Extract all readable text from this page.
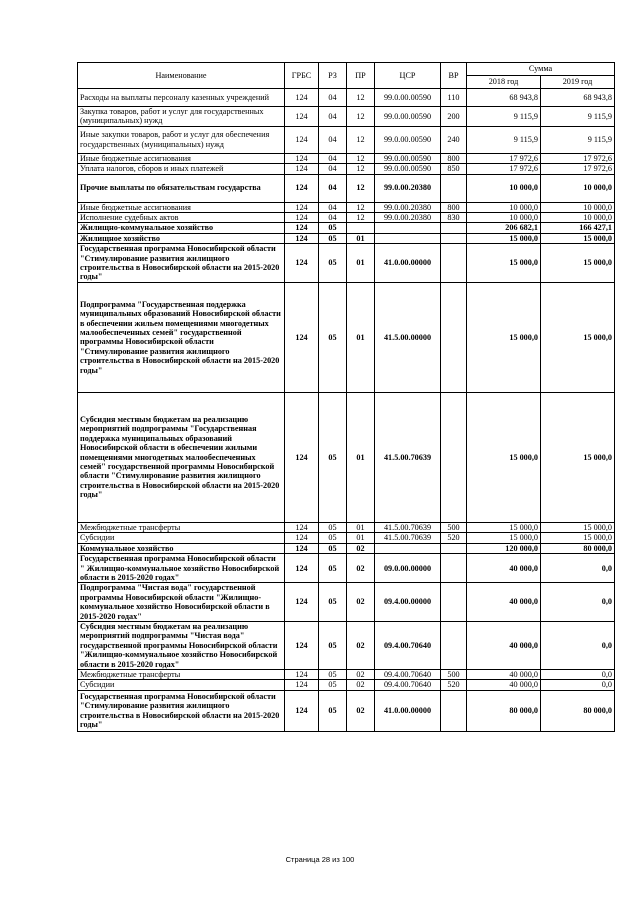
Наименование	ГРБС	РЗ	ПР	ЦСР	ВР	Сумма	
						2018 год	2019 год
Расходы на выплаты персоналу казенных учреждений	124	04	12	99.0.00.00590	110	68 943,8	68 943,8
Закупка товаров, работ и услуг для государственных (муниципальных) нужд	124	04	12	99.0.00.00590	200	9 115,9	9 115,9
Иные закупки товаров, работ и услуг для обеспечения государственных (муниципальных) нужд	124	04	12	99.0.00.00590	240	9 115,9	9 115,9
Иные бюджетные ассигнования	124	04	12	99.0.00.00590	800	17 972,6	17 972,6
Уплата налогов, сборов и иных платежей	124	04	12	99.0.00.00590	850	17 972,6	17 972,6
Прочие выплаты по обязательствам государства	124	04	12	99.0.00.20380		10 000,0	10 000,0
Иные бюджетные ассигнования	124	04	12	99.0.00.20380	800	10 000,0	10 000,0
Исполнение судебных актов	124	04	12	99.0.00.20380	830	10 000,0	10 000,0
Жилищно-коммунальное хозяйство	124	05				206 682,1	166 427,1
Жилищное хозяйство	124	05	01			15 000,0	15 000,0
Государственная программа Новосибирской области "Стимулирование развития жилищного строительства в Новосибирской области на 2015-2020 годы"	124	05	01	41.0.00.00000		15 000,0	15 000,0
Подпрограмма "Государственная поддержка муниципальных образований Новосибирской области в обеспечении жильем помещениями многодетных малообеспеченных семей" государственной программы Новосибирской области "Стимулирование развития жилищного строительства в Новосибирской области на 2015-2020 годы"	124	05	01	41.5.00.00000		15 000,0	15 000,0
Субсидия местным бюджетам на реализацию мероприятий подпрограммы "Государственная поддержка муниципальных образований Новосибирской области в обеспечении жилыми помещениями многодетных малообеспеченных семей" государственной программы Новосибирской области "Стимулирование развития жилищного строительства в Новосибирской области на 2015-2020 годы"	124	05	01	41.5.00.70639		15 000,0	15 000,0
Межбюджетные трансферты	124	05	01	41.5.00.70639	500	15 000,0	15 000,0
Субсидии	124	05	01	41.5.00.70639	520	15 000,0	15 000,0
Коммунальное хозяйство	124	05	02			120 000,0	80 000,0
Государственная программа Новосибирской области " Жилищно-коммунальное хозяйство Новосибирской области в 2015-2020 годах"	124	05	02	09.0.00.00000		40 000,0	0,0
Подпрограмма "Чистая вода" государственной программы Новосибирской области "Жилищно-коммунальное хозяйство Новосибирской области в 2015-2020 годах"	124	05	02	09.4.00.00000		40 000,0	0,0
Субсидия местным бюджетам на реализацию мероприятий подпрограммы "Чистая вода" государственной программы Новосибирской области "Жилищно-коммунальное хозяйство Новосибирской области в 2015-2020 годах"	124	05	02	09.4.00.70640		40 000,0	0,0
Межбюджетные трансферты	124	05	02	09.4.00.70640	500	40 000,0	0,0
Субсидии	124	05	02	09.4.00.70640	520	40 000,0	0,0
Государственная программа Новосибирской области "Стимулирование развития жилищного строительства в Новосибирской области на 2015-2020 годы"	124	05	02	41.0.00.00000		80 000,0	80 000,0
Страница 28 из 100
